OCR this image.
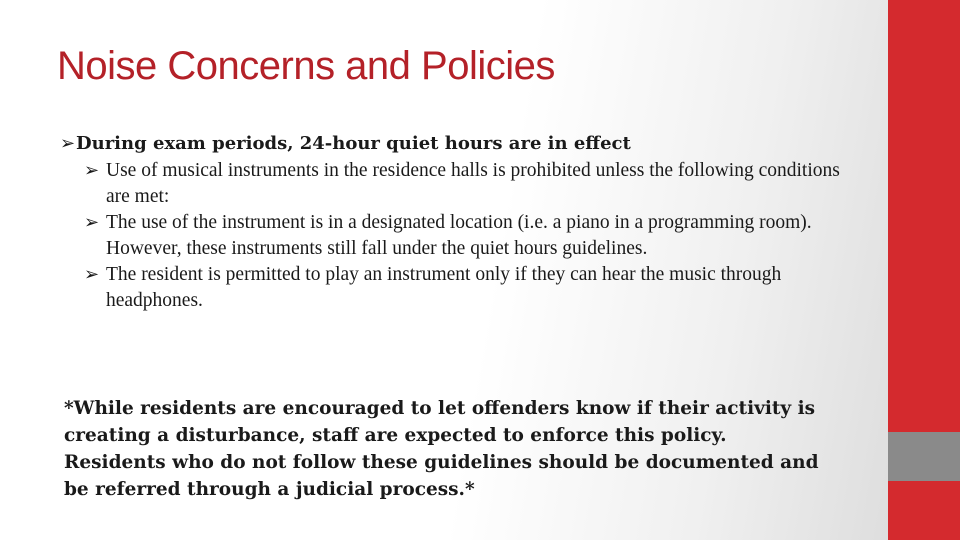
Noise Concerns and Policies
➢During exam periods, 24-hour quiet hours are in effect
➢ Use of musical instruments in the residence halls is prohibited unless the following conditions are met:
➢ The use of the instrument is in a designated location (i.e. a piano in a programming room). However, these instruments still fall under the quiet hours guidelines.
➢ The resident is permitted to play an instrument only if they can hear the music through headphones.
*While residents are encouraged to let offenders know if their activity is creating a disturbance, staff are expected to enforce this policy. Residents who do not follow these guidelines should be documented and be referred through a judicial process.*
